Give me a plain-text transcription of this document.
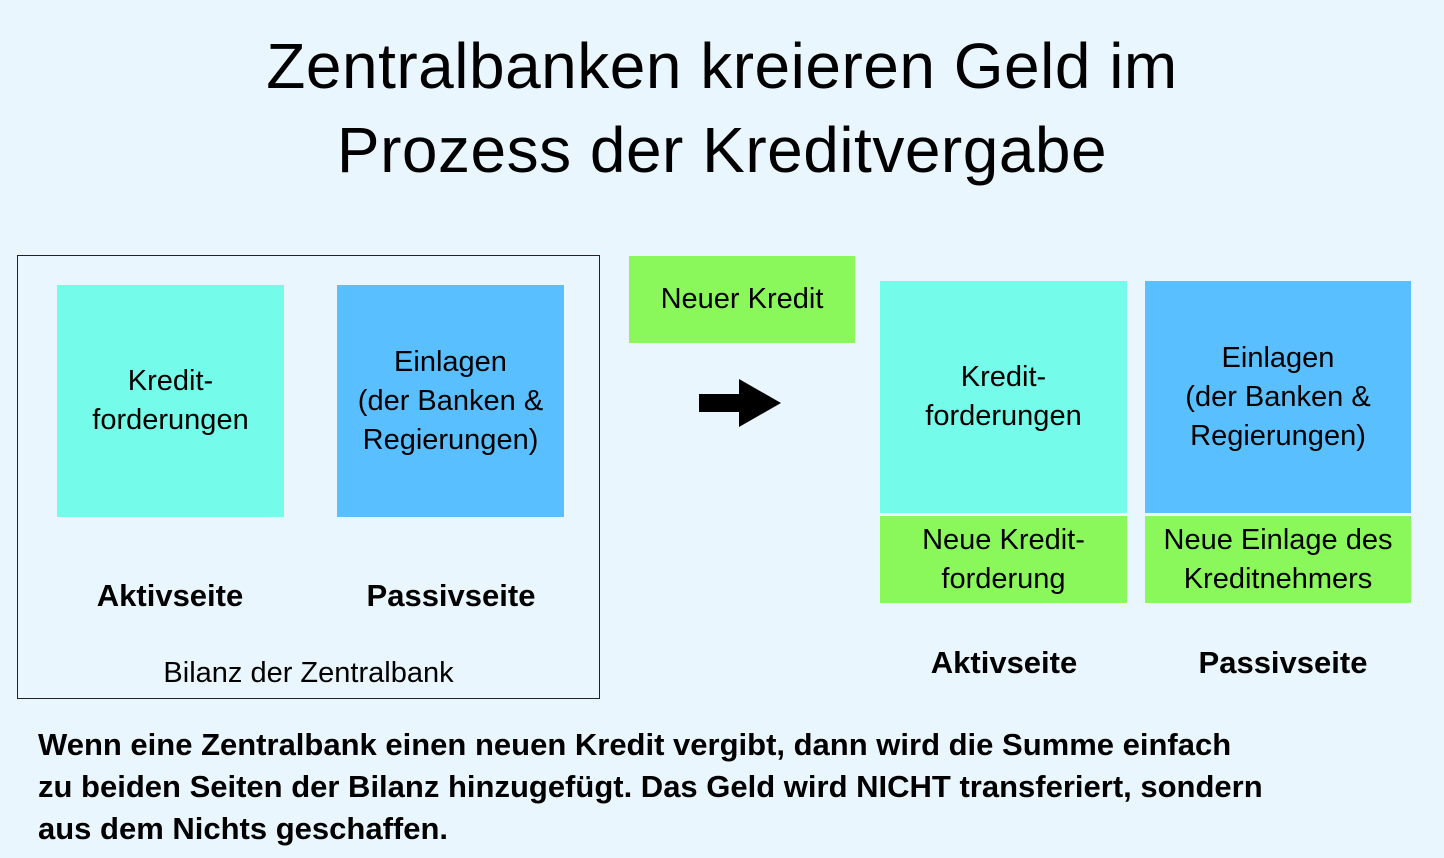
Zentralbanken kreieren Geld im
Prozess der Kreditvergabe
Kredit-
forderungen
Einlagen
(der Banken &
Regierungen)
Aktivseite	Passivseite
Bilanz der Zentralbank
Neuer Kredit
Kredit-
forderungen
Einlagen
(der Banken &
Regierungen)
Neue Kredit-
forderung
Neue Einlage des
Kreditnehmers
Aktivseite	Passivseite
Wenn eine Zentralbank einen neuen Kredit vergibt, dann wird die Summe einfach
zu beiden Seiten der Bilanz hinzugefügt. Das Geld wird NICHT transferiert, sondern
aus dem Nichts geschaffen.
